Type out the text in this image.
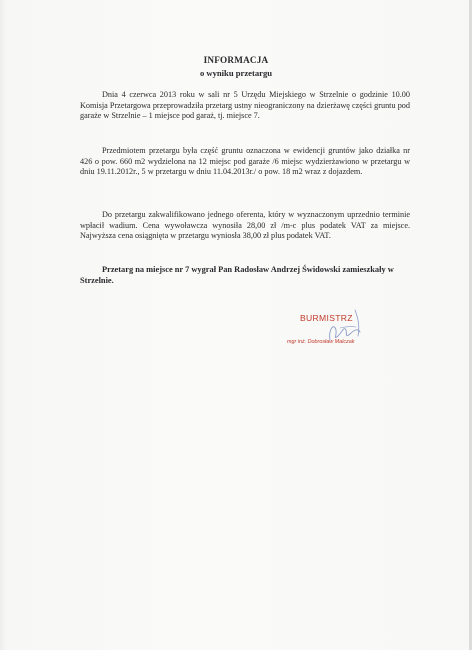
INFORMACJA
o wyniku przetargu
Dnia 4 czerwca 2013 roku w sali nr 5 Urzędu Miejskiego w Strzelnie o godzinie 10.00 Komisja Przetargowa przeprowadziła przetarg ustny nieograniczony na dzierżawę części gruntu pod garaże w Strzelnie – 1 miejsce pod garaż, tj. miejsce 7.
Przedmiotem przetargu była część gruntu oznaczona w ewidencji gruntów jako działka nr 426 o pow. 660 m2 wydzielona na 12 miejsc pod garaże /6 miejsc wydzierżawiono w przetargu w dniu 19.11.2012r., 5 w przetargu w dniu 11.04.2013r./ o pow. 18 m2 wraz z dojazdem.
Do przetargu zakwalifikowano jednego oferenta, który w wyznaczonym uprzednio terminie wpłacił wadium. Cena wywoławcza wynosiła 28,00 zł /m-c plus podatek VAT za miejsce. Najwyższa cena osiągnięta w przetargu wyniosła 38,00 zł plus podatek VAT.
Przetarg na miejsce nr 7 wygrał Pan Radosław Andrzej Świdowski zamieszkały w Strzelnie.
BURMISTRZ
mgr inż. Dobrosław Malczak
